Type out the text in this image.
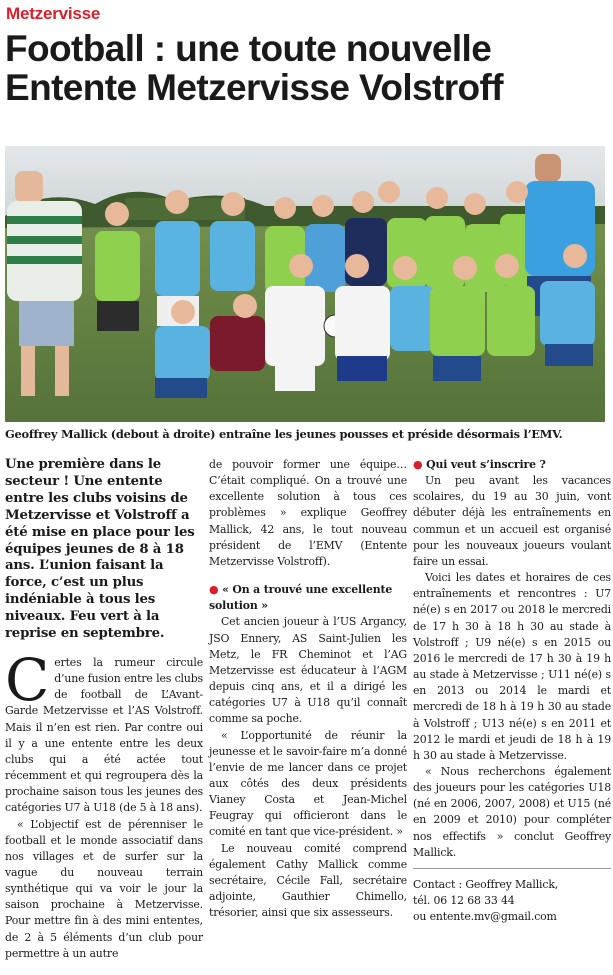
Metzervisse
Football : une toute nouvelle
Entente Metzervisse Volstroff
Geoffrey Mallick (debout à droite) entraîne les jeunes pousses et préside désormais l’EMV.

Une première dans le secteur ! Une entente entre les clubs voisins de Metzervisse et Volstroff a été mise en place pour les équipes jeunes de 8 à 18 ans. L’union faisant la force, c’est un plus indéniable à tous les niveaux. Feu vert à la reprise en septembre.

Certes la rumeur circule d’une fusion entre les clubs de football de L’Avant-Garde Metzervisse et l’AS Volstroff. Mais il n’en est rien. Par contre oui il y a une entente entre les deux clubs qui a été actée tout récemment et qui regroupera dès la prochaine saison tous les jeunes des catégories U7 à U18 (de 5 à 18 ans).

« L’objectif est de pérenniser le football et le monde associatif dans nos villages et de surfer sur la vague du nouveau terrain synthétique qui va voir le jour la saison prochaine à Metzervisse. Pour mettre fin à des mini ententes, de 2 à 5 éléments d’un club pour permettre à un autre

de pouvoir former une équipe… C’était compliqué. On a trouvé une excellente solution à tous ces problèmes » explique Geoffrey Mallick, 42 ans, le tout nouveau président de l’EMV (Entente Metzervisse Volstroff).

● « On a trouvé une excellente solution »

Cet ancien joueur à l’US Argancy, JSO Ennery, AS Saint-Julien les Metz, le FR Cheminot et l’AG Metzervisse est éducateur à l’AGM depuis cinq ans, et il a dirigé les catégories U7 à U18 qu’il connaît comme sa poche.

« L’opportunité de réunir la jeunesse et le savoir-faire m’a donné l’envie de me lancer dans ce projet aux côtés des deux présidents Vianey Costa et Jean-Michel Feugray qui officieront dans le comité en tant que vice-président. »

Le nouveau comité comprend également Cathy Mallick comme secrétaire, Cécile Fall, secrétaire adjointe, Gauthier Chimello, trésorier, ainsi que six assesseurs.

● Qui veut s’inscrire ?

Un peu avant les vacances scolaires, du 19 au 30 juin, vont débuter déjà les entraînements en commun et un accueil est organisé pour les nouveaux joueurs voulant faire un essai.

Voici les dates et horaires de ces entraînements et rencontres : U7 né(e) s en 2017 ou 2018 le mercredi de 17 h 30 à 18 h 30 au stade à Volstroff ; U9 né(e) s en 2015 ou 2016 le mercredi de 17 h 30 à 19 h au stade à Metzervisse ; U11 né(e) s en 2013 ou 2014 le mardi et mercredi de 18 h à 19 h 30 au stade à Volstroff ; U13 né(e) s en 2011 et 2012 le mardi et jeudi de 18 h à 19 h 30 au stade à Metzervisse.

« Nous recherchons également des joueurs pour les catégories U18 (né en 2006, 2007, 2008) et U15 (né en 2009 et 2010) pour compléter nos effectifs » conclut Geoffrey Mallick.

Contact : Geoffrey Mallick,
tél. 06 12 68 33 44
ou entente.mv@gmail.com
